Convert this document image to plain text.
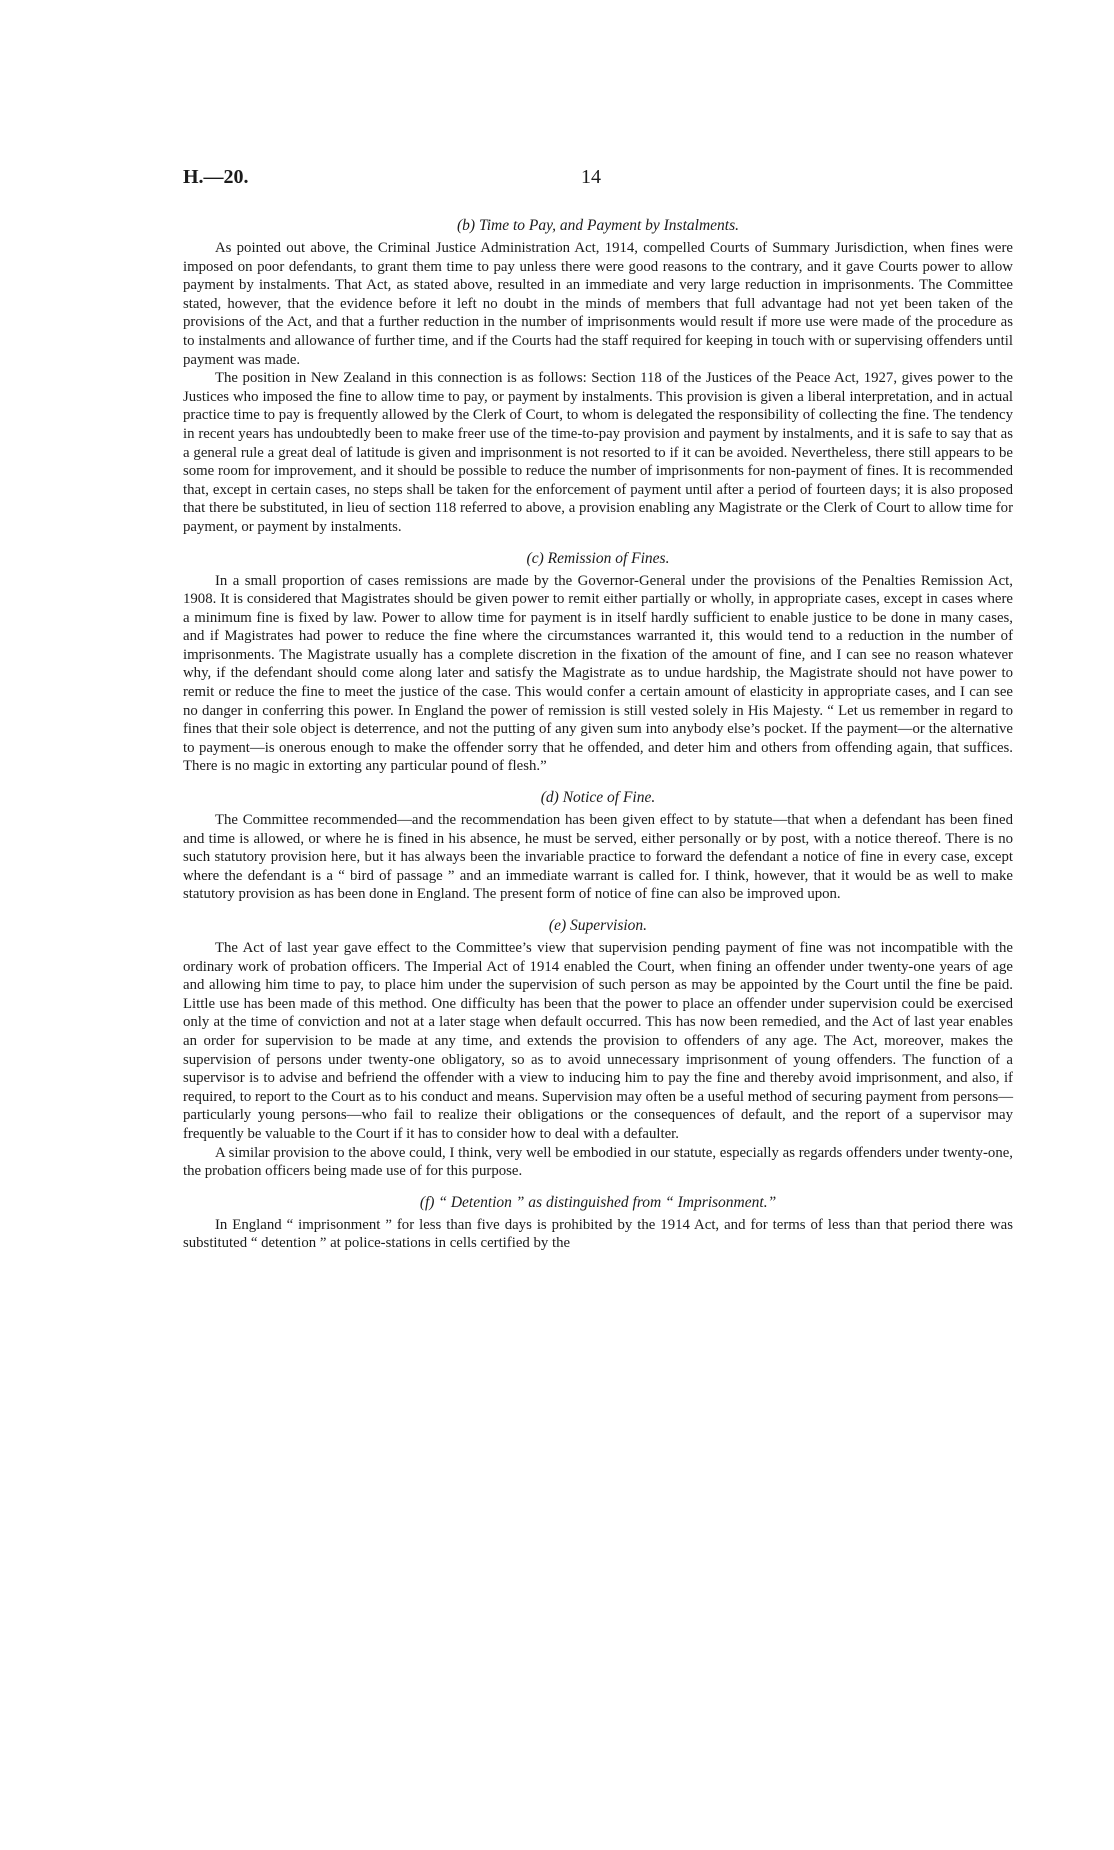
H.—20.	14
(b) Time to Pay, and Payment by Instalments.

As pointed out above, the Criminal Justice Administration Act, 1914, compelled Courts of Summary Jurisdiction, when fines were imposed on poor defendants, to grant them time to pay unless there were good reasons to the contrary, and it gave Courts power to allow payment by instalments. That Act, as stated above, resulted in an immediate and very large reduction in imprisonments. The Committee stated, however, that the evidence before it left no doubt in the minds of members that full advantage had not yet been taken of the provisions of the Act, and that a further reduction in the number of imprisonments would result if more use were made of the procedure as to instalments and allowance of further time, and if the Courts had the staff required for keeping in touch with or supervising offenders until payment was made.

The position in New Zealand in this connection is as follows: Section 118 of the Justices of the Peace Act, 1927, gives power to the Justices who imposed the fine to allow time to pay, or payment by instalments. This provision is given a liberal interpretation, and in actual practice time to pay is frequently allowed by the Clerk of Court, to whom is delegated the responsibility of collecting the fine. The tendency in recent years has undoubtedly been to make freer use of the time-to-pay provision and payment by instalments, and it is safe to say that as a general rule a great deal of latitude is given and imprisonment is not resorted to if it can be avoided. Nevertheless, there still appears to be some room for improvement, and it should be possible to reduce the number of imprisonments for non-payment of fines. It is recommended that, except in certain cases, no steps shall be taken for the enforcement of payment until after a period of fourteen days; it is also proposed that there be substituted, in lieu of section 118 referred to above, a provision enabling any Magistrate or the Clerk of Court to allow time for payment, or payment by instalments.

(c) Remission of Fines.

In a small proportion of cases remissions are made by the Governor-General under the provisions of the Penalties Remission Act, 1908. It is considered that Magistrates should be given power to remit either partially or wholly, in appropriate cases, except in cases where a minimum fine is fixed by law. Power to allow time for payment is in itself hardly sufficient to enable justice to be done in many cases, and if Magistrates had power to reduce the fine where the circumstances warranted it, this would tend to a reduction in the number of imprisonments. The Magistrate usually has a complete discretion in the fixation of the amount of fine, and I can see no reason whatever why, if the defendant should come along later and satisfy the Magistrate as to undue hardship, the Magistrate should not have power to remit or reduce the fine to meet the justice of the case. This would confer a certain amount of elasticity in appropriate cases, and I can see no danger in conferring this power. In England the power of remission is still vested solely in His Majesty. “ Let us remember in regard to fines that their sole object is deterrence, and not the putting of any given sum into anybody else’s pocket. If the payment—or the alternative to payment—is onerous enough to make the offender sorry that he offended, and deter him and others from offending again, that suffices. There is no magic in extorting any particular pound of flesh.”

(d) Notice of Fine.

The Committee recommended—and the recommendation has been given effect to by statute—that when a defendant has been fined and time is allowed, or where he is fined in his absence, he must be served, either personally or by post, with a notice thereof. There is no such statutory provision here, but it has always been the invariable practice to forward the defendant a notice of fine in every case, except where the defendant is a “ bird of passage ” and an immediate warrant is called for. I think, however, that it would be as well to make statutory provision as has been done in England. The present form of notice of fine can also be improved upon.

(e) Supervision.

The Act of last year gave effect to the Committee’s view that supervision pending payment of fine was not incompatible with the ordinary work of probation officers. The Imperial Act of 1914 enabled the Court, when fining an offender under twenty-one years of age and allowing him time to pay, to place him under the supervision of such person as may be appointed by the Court until the fine be paid. Little use has been made of this method. One difficulty has been that the power to place an offender under supervision could be exercised only at the time of conviction and not at a later stage when default occurred. This has now been remedied, and the Act of last year enables an order for supervision to be made at any time, and extends the provision to offenders of any age. The Act, moreover, makes the supervision of persons under twenty-one obligatory, so as to avoid unnecessary imprisonment of young offenders. The function of a supervisor is to advise and befriend the offender with a view to inducing him to pay the fine and thereby avoid imprisonment, and also, if required, to report to the Court as to his conduct and means. Supervision may often be a useful method of securing payment from persons—particularly young persons—who fail to realize their obligations or the consequences of default, and the report of a supervisor may frequently be valuable to the Court if it has to consider how to deal with a defaulter.

A similar provision to the above could, I think, very well be embodied in our statute, especially as regards offenders under twenty-one, the probation officers being made use of for this purpose.

(f) “ Detention ” as distinguished from “ Imprisonment.”

In England “ imprisonment ” for less than five days is prohibited by the 1914 Act, and for terms of less than that period there was substituted “ detention ” at police-stations in cells certified by the
